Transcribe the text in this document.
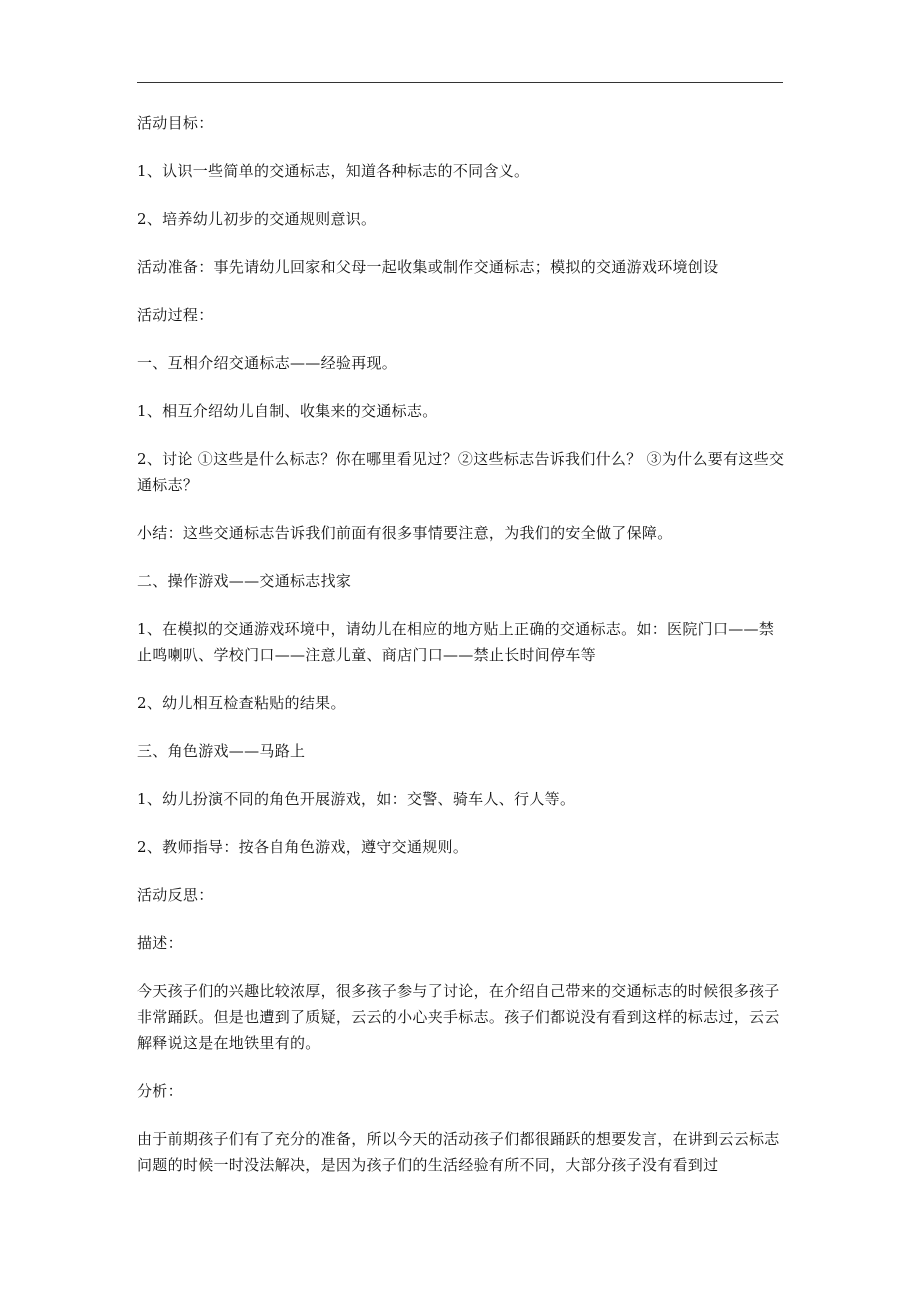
活动目标：

1、认识一些简单的交通标志，知道各种标志的不同含义。

2、培养幼儿初步的交通规则意识。

活动准备：事先请幼儿回家和父母一起收集或制作交通标志；模拟的交通游戏环境创设

活动过程：

一、互相介绍交通标志——经验再现。

1、相互介绍幼儿自制、收集来的交通标志。

2、讨论 ①这些是什么标志？你在哪里看见过？②这些标志告诉我们什么？ ③为什么要有这些交通标志？

小结：这些交通标志告诉我们前面有很多事情要注意，为我们的安全做了保障。

二、操作游戏——交通标志找家

1、在模拟的交通游戏环境中，请幼儿在相应的地方贴上正确的交通标志。如：医院门口——禁止鸣喇叭、学校门口——注意儿童、商店门口——禁止长时间停车等

2、幼儿相互检查粘贴的结果。

三、角色游戏——马路上

1、幼儿扮演不同的角色开展游戏，如：交警、骑车人、行人等。

2、教师指导：按各自角色游戏，遵守交通规则。

活动反思：

描述：

今天孩子们的兴趣比较浓厚，很多孩子参与了讨论，在介绍自己带来的交通标志的时候很多孩子非常踊跃。但是也遭到了质疑，云云的小心夹手标志。孩子们都说没有看到这样的标志过，云云解释说这是在地铁里有的。

分析：

由于前期孩子们有了充分的准备，所以今天的活动孩子们都很踊跃的想要发言，在讲到云云标志问题的时候一时没法解决，是因为孩子们的生活经验有所不同，大部分孩子没有看到过
